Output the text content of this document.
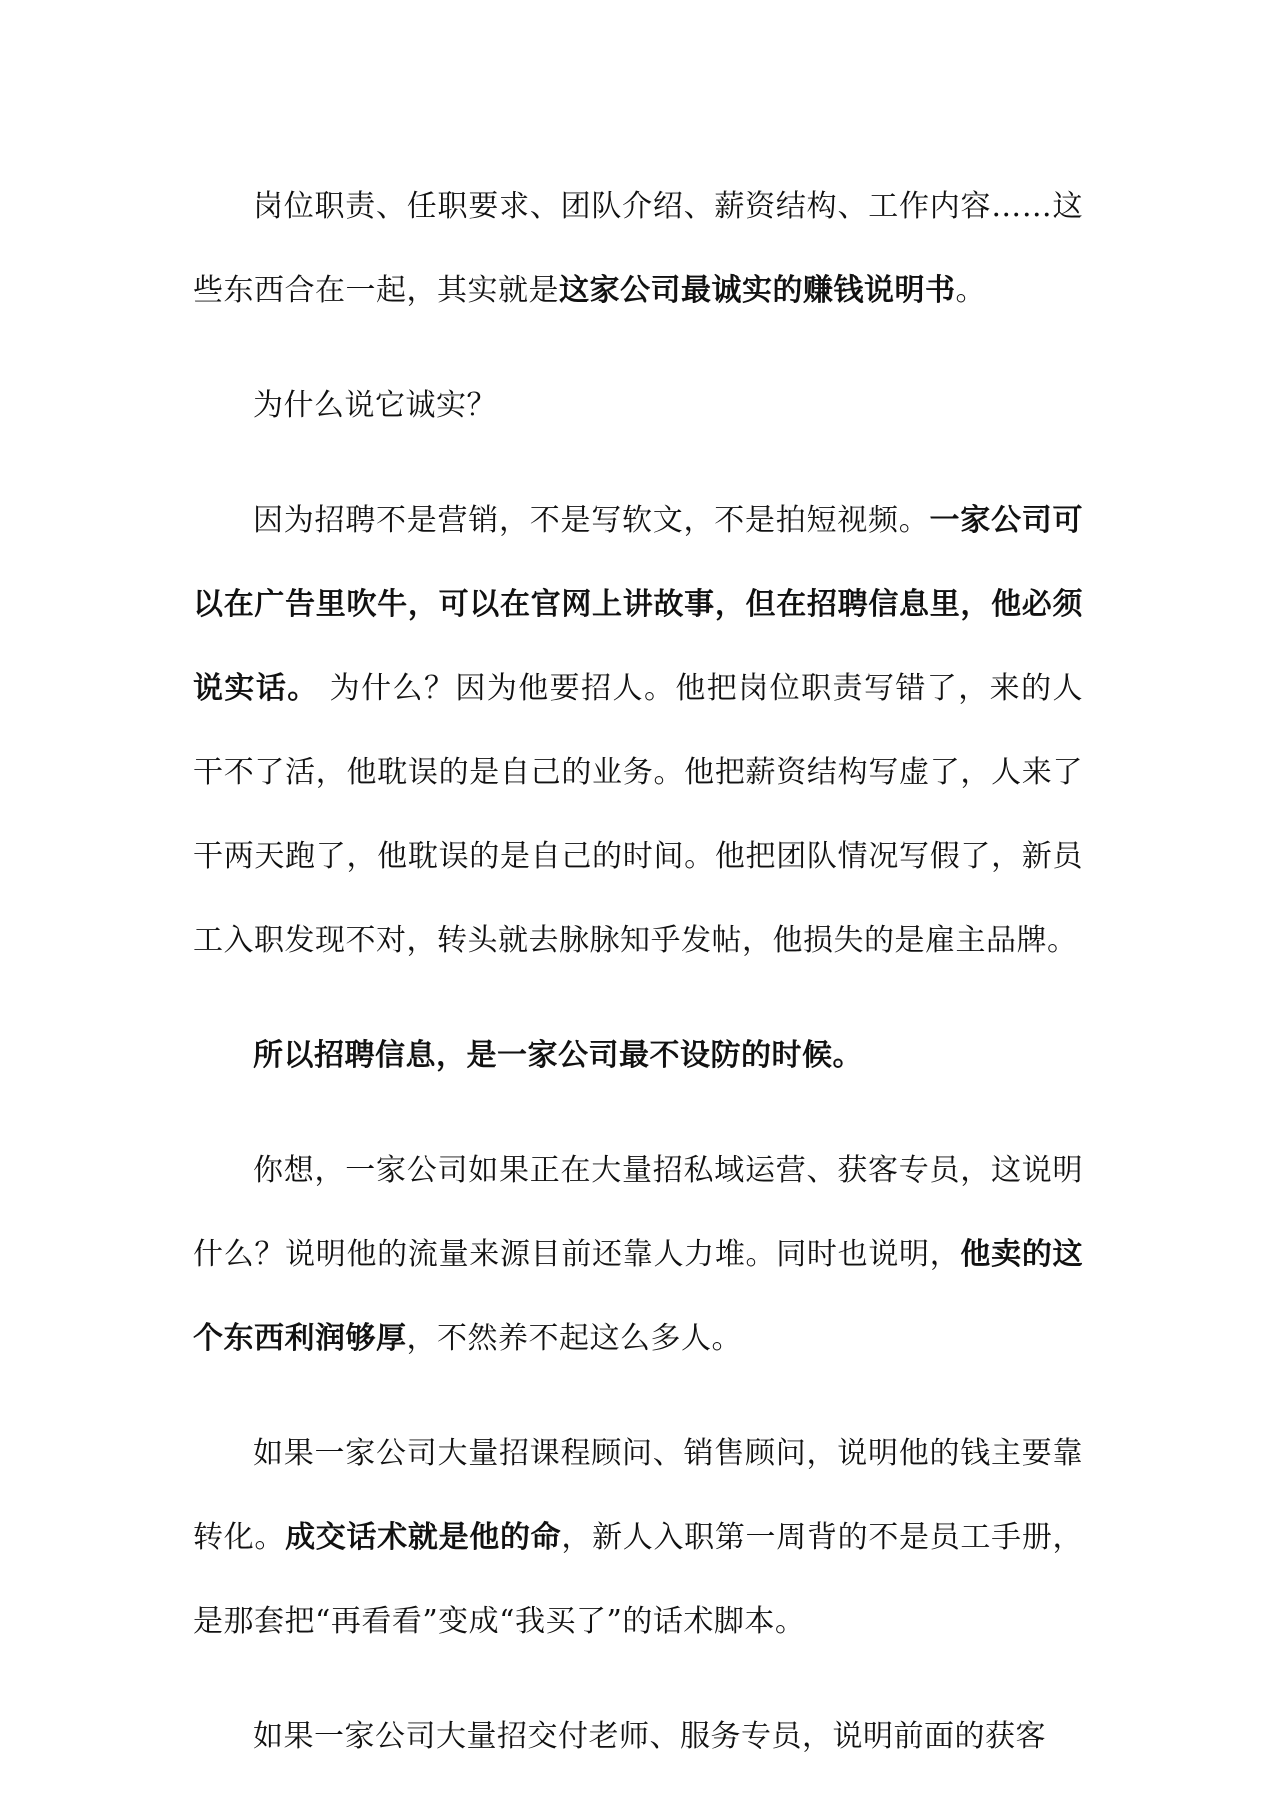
岗位职责、任职要求、团队介绍、薪资结构、工作内容……这些东西合在一起，其实就是这家公司最诚实的赚钱说明书。

为什么说它诚实？

因为招聘不是营销，不是写软文，不是拍短视频。一家公司可以在广告里吹牛，可以在官网上讲故事，但在招聘信息里，他必须说实话。 为什么？因为他要招人。他把岗位职责写错了，来的人干不了活，他耽误的是自己的业务。他把薪资结构写虚了，人来了干两天跑了，他耽误的是自己的时间。他把团队情况写假了，新员工入职发现不对，转头就去脉脉知乎发帖，他损失的是雇主品牌。

所以招聘信息，是一家公司最不设防的时候。

你想，一家公司如果正在大量招私域运营、获客专员，这说明什么？说明他的流量来源目前还靠人力堆。同时也说明，他卖的这个东西利润够厚，不然养不起这么多人。

如果一家公司大量招课程顾问、销售顾问，说明他的钱主要靠转化。成交话术就是他的命，新人入职第一周背的不是员工手册，是那套把“再看看”变成“我买了”的话术脚本。

如果一家公司大量招交付老师、服务专员，说明前面的获客
